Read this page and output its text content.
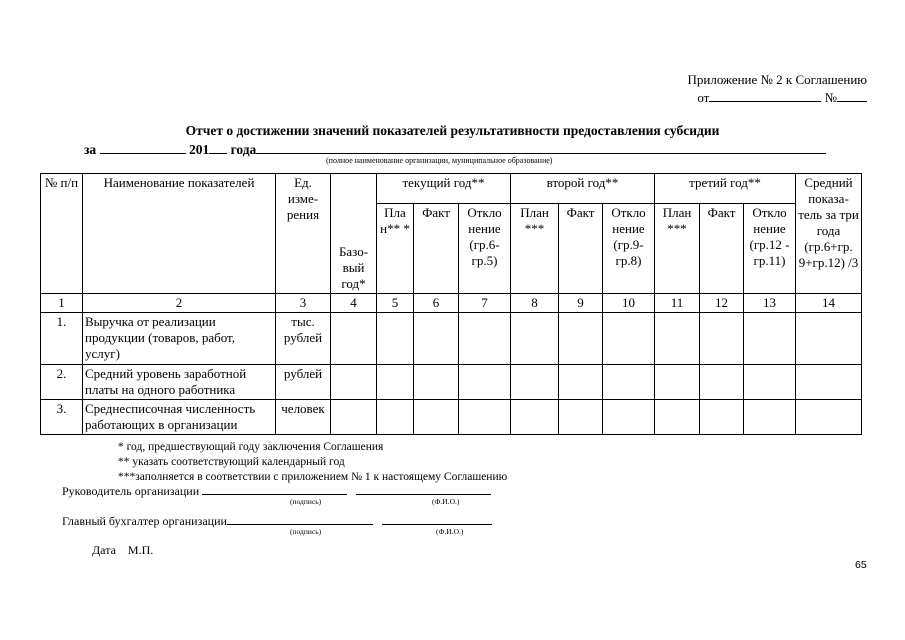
Приложение № 2 к Соглашению
от	№
Отчет о достижении значений показателей результативности предоставления субсидии
за	201 года
(полное наименование организации, муниципальное образование)
№ п/п	Наименование показателей	Ед. изме-рения	Базо-вый год*	текущий год**			второй год**			третий год**			Средний показа-тель за три года (гр.6+гр. 9+гр.12) /3
				Пла н** *	Факт	Откло нение (гр.6-гр.5)	План ***	Факт	Откло нение (гр.9-гр.8)	План ***	Факт	Откло нение (гр.12 - гр.11)	
1	2	3	4	5	6	7	8	9	10	11	12	13	14
1.	Выручка от реализации продукции (товаров, работ, услуг)	тыс. рублей											
2.	Средний уровень заработной платы на одного работника	рублей											
3.	Среднесписочная численность работающих в организации	человек											
* год, предшествующий году заключения Соглашения
** указать соответствующий календарный год
***заполняется в соответствии с приложением № 1 к настоящему Соглашению
Руководитель организации
(подпись)	(Ф.И.О.)
Главный бухгалтер организации
(подпись)	(Ф.И.О.)
Дата    М.П.
65
